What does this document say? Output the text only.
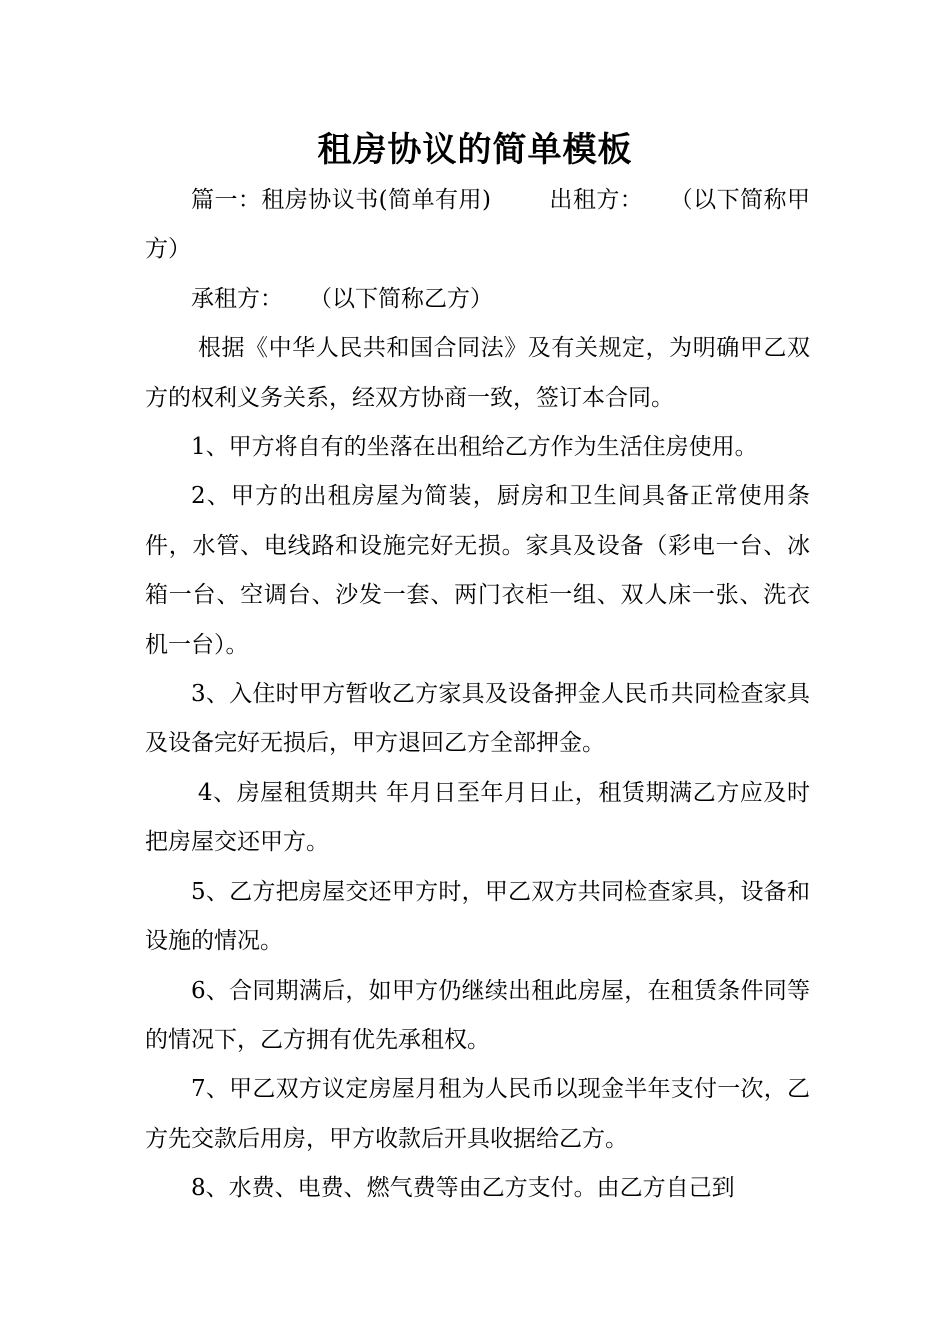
租房协议的简单模板

篇一：租房协议书(简单有用)	出租方： （以下简称甲方）

承租方： （以下简称乙方）

根据《中华人民共和国合同法》及有关规定，为明确甲乙双方的权利义务关系，经双方协商一致，签订本合同。

1、甲方将自有的坐落在出租给乙方作为生活住房使用。

2、甲方的出租房屋为简装，厨房和卫生间具备正常使用条件，水管、电线路和设施完好无损。家具及设备（彩电一台、冰箱一台、空调台、沙发一套、两门衣柜一组、双人床一张、洗衣机一台）。

3、入住时甲方暂收乙方家具及设备押金人民币共同检查家具及设备完好无损后，甲方退回乙方全部押金。

4、房屋租赁期共 年月日至年月日止，租赁期满乙方应及时把房屋交还甲方。

5、乙方把房屋交还甲方时，甲乙双方共同检查家具，设备和设施的情况。

6、合同期满后，如甲方仍继续出租此房屋，在租赁条件同等的情况下，乙方拥有优先承租权。

7、甲乙双方议定房屋月租为人民币以现金半年支付一次，乙方先交款后用房，甲方收款后开具收据给乙方。

8、水费、电费、燃气费等由乙方支付。由乙方自己到
